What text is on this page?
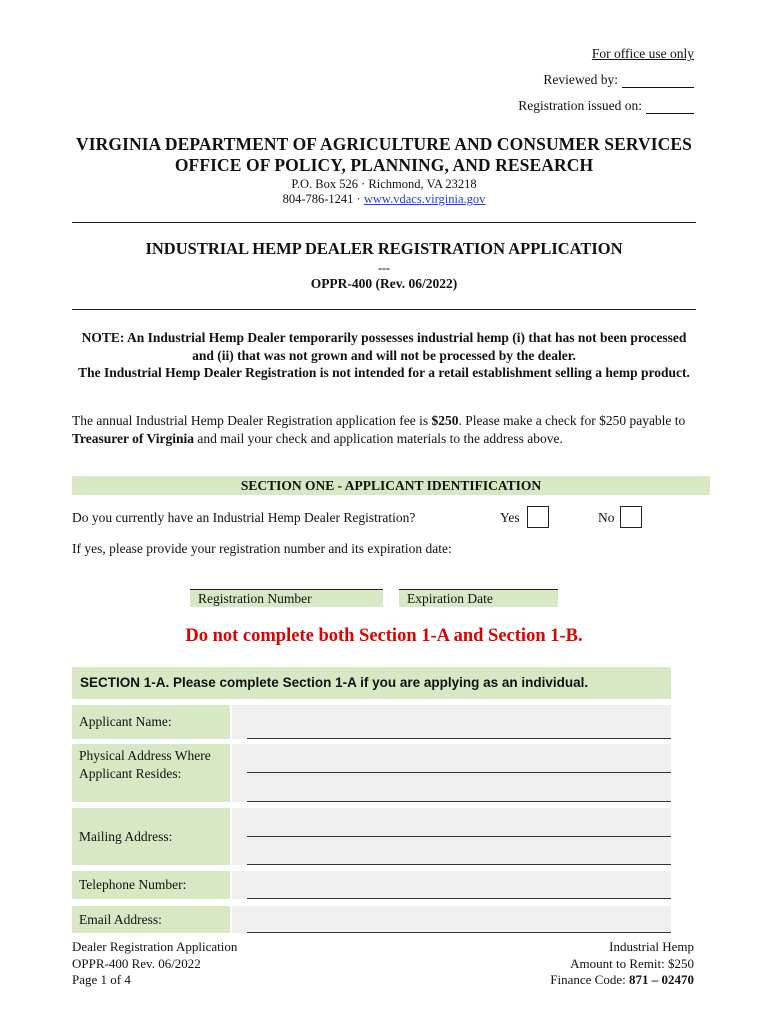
For office use only
Reviewed by:
Registration issued on:
VIRGINIA DEPARTMENT OF AGRICULTURE AND CONSUMER SERVICES
OFFICE OF POLICY, PLANNING, AND RESEARCH
P.O. Box 526 · Richmond, VA 23218
804-786-1241 · www.vdacs.virginia.gov
INDUSTRIAL HEMP DEALER REGISTRATION APPLICATION
---
OPPR-400 (Rev. 06/2022)
NOTE: An Industrial Hemp Dealer temporarily possesses industrial hemp (i) that has not been processed and (ii) that was not grown and will not be processed by the dealer.
The Industrial Hemp Dealer Registration is not intended for a retail establishment selling a hemp product.
The annual Industrial Hemp Dealer Registration application fee is $250. Please make a check for $250 payable to Treasurer of Virginia and mail your check and application materials to the address above.
SECTION ONE - APPLICANT IDENTIFICATION
Do you currently have an Industrial Hemp Dealer Registration?	Yes	No
If yes, please provide your registration number and its expiration date:
Registration Number	Expiration Date
Do not complete both Section 1-A and Section 1-B.
SECTION 1-A. Please complete Section 1-A if you are applying as an individual.
Applicant Name:
Physical Address Where Applicant Resides:
Mailing Address:
Telephone Number:
Email Address:
Dealer Registration Application
OPPR-400 Rev. 06/2022
Page 1 of 4
Industrial Hemp
Amount to Remit: $250
Finance Code: 871 – 02470
